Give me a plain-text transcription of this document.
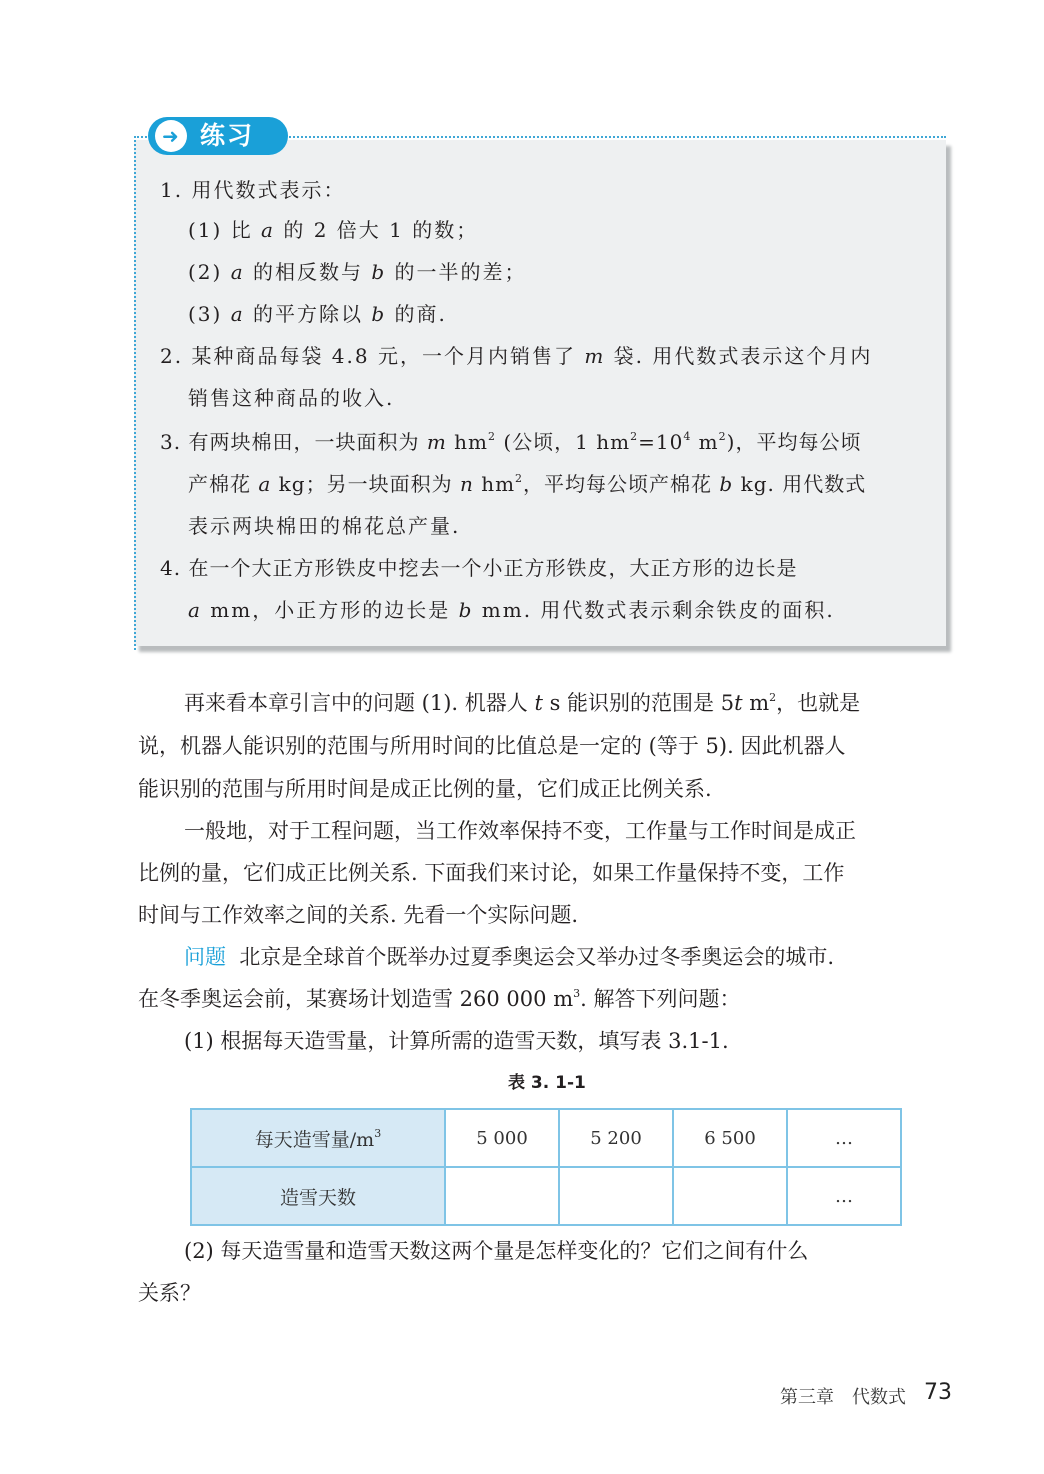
➜ 练习
1. 用代数式表示：
(1) 比 a 的 2 倍大 1 的数；
(2) a 的相反数与 b 的一半的差；
(3) a 的平方除以 b 的商.
2. 某种商品每袋 4.8 元，一个月内销售了 m 袋. 用代数式表示这个月内
销售这种商品的收入.
3. 有两块棉田，一块面积为 m $hm^2$ (公顷，1 $hm^2=10^4$ $m^2$)，平均每公顷
产棉花 a kg；另一块面积为 n $hm^2$，平均每公顷产棉花 b kg. 用代数式
表示两块棉田的棉花总产量.
4. 在一个大正方形铁皮中挖去一个小正方形铁皮，大正方形的边长是
a mm，小正方形的边长是 b mm. 用代数式表示剩余铁皮的面积.
再来看本章引言中的问题 (1). 机器人 t s 能识别的范围是 5t $m^2$，也就是
说，机器人能识别的范围与所用时间的比值总是一定的 (等于 5). 因此机器人
能识别的范围与所用时间是成正比例的量，它们成正比例关系.
一般地，对于工程问题，当工作效率保持不变，工作量与工作时间是成正
比例的量，它们成正比例关系. 下面我们来讨论，如果工作量保持不变，工作
时间与工作效率之间的关系. 先看一个实际问题.
问题 北京是全球首个既举办过夏季奥运会又举办过冬季奥运会的城市.
在冬季奥运会前，某赛场计划造雪 260 000 $m^3$. 解答下列问题：
(1) 根据每天造雪量，计算所需的造雪天数，填写表 3.1-1.
表 3. 1-1
每天造雪量$/m^3$	5 000	5 200	6 500	…
造雪天数				…
(2) 每天造雪量和造雪天数这两个量是怎样变化的？它们之间有什么
关系？
第三章 代数式 73
